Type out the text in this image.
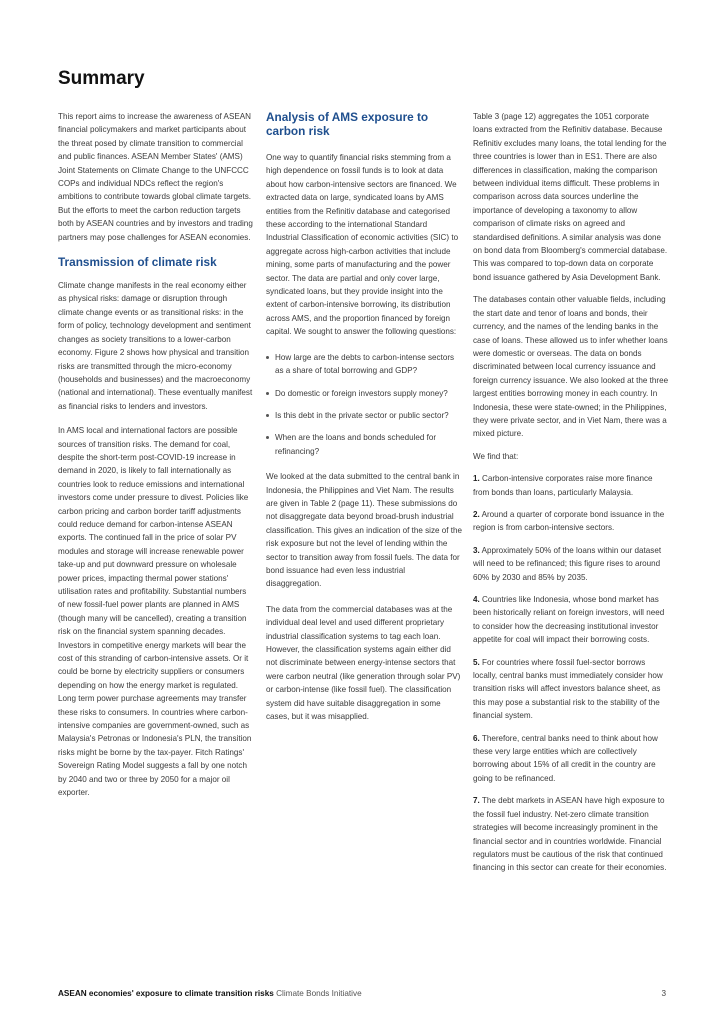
Summary

This report aims to increase the awareness of ASEAN financial policymakers and market participants about the threat posed by climate transition to commercial and public finances. ASEAN Member States' (AMS) Joint Statements on Climate Change to the UNFCCC COPs and individual NDCs reflect the region's ambitions to contribute towards global climate targets. But the efforts to meet the carbon reduction targets both by ASEAN countries and by investors and trading partners may pose challenges for ASEAN economies.

Transmission of climate risk

Climate change manifests in the real economy either as physical risks: damage or disruption through climate change events or as transitional risks: in the form of policy, technology development and sentiment changes as society transitions to a lower-carbon economy. Figure 2 shows how physical and transition risks are transmitted through the micro-economy (households and businesses) and the macroeconomy (national and international). These eventually manifest as financial risks to lenders and investors.

In AMS local and international factors are possible sources of transition risks. The demand for coal, despite the short-term post-COVID-19 increase in demand in 2020, is likely to fall internationally as countries look to reduce emissions and international investors come under pressure to divest. Policies like carbon pricing and carbon border tariff adjustments could reduce demand for carbon-intense ASEAN exports. The continued fall in the price of solar PV modules and storage will increase renewable power take-up and put downward pressure on wholesale power prices, impacting thermal power stations' utilisation rates and profitability. Substantial numbers of new fossil-fuel power plants are planned in AMS (though many will be cancelled), creating a transition risk on the financial system spanning decades. Investors in competitive energy markets will bear the cost of this stranding of carbon-intensive assets. Or it could be borne by electricity suppliers or consumers depending on how the energy market is regulated. Long term power purchase agreements may transfer these risks to consumers. In countries where carbon-intensive companies are government-owned, such as Malaysia's Petronas or Indonesia's PLN, the transition risks might be borne by the tax-payer. Fitch Ratings' Sovereign Rating Model suggests a fall by one notch by 2040 and two or three by 2050 for a major oil exporter.

Analysis of AMS exposure to carbon risk

One way to quantify financial risks stemming from a high dependence on fossil funds is to look at data about how carbon-intensive sectors are financed. We extracted data on large, syndicated loans by AMS entities from the Refinitiv database and categorised these according to the international Standard Industrial Classification of economic activities (SIC) to aggregate across high-carbon activities that include mining, some parts of manufacturing and the power sector. The data are partial and only cover large, syndicated loans, but they provide insight into the extent of carbon-intensive borrowing, its distribution across AMS, and the proportion financed by foreign capital. We sought to answer the following questions:

How large are the debts to carbon-intense sectors as a share of total borrowing and GDP?
Do domestic or foreign investors supply money?
Is this debt in the private sector or public sector?
When are the loans and bonds scheduled for refinancing?

We looked at the data submitted to the central bank in Indonesia, the Philippines and Viet Nam. The results are given in Table 2 (page 11). These submissions do not disaggregate data beyond broad-brush industrial classification. This gives an indication of the size of the risk exposure but not the level of lending within the sector to transition away from fossil fuels. The data for bond issuance had even less industrial disaggregation.

The data from the commercial databases was at the individual deal level and used different proprietary industrial classification systems to tag each loan. However, the classification systems again either did not discriminate between energy-intense sectors that were carbon neutral (like generation through solar PV) or carbon-intense (like fossil fuel). The classification system did have suitable disaggregation in some cases, but it was misapplied.

Table 3 (page 12) aggregates the 1051 corporate loans extracted from the Refinitiv database. Because Refinitiv excludes many loans, the total lending for the three countries is lower than in ES1. There are also differences in classification, making the comparison between individual items difficult. These problems in comparison across data sources underline the importance of developing a taxonomy to allow comparison of climate risks on agreed and standardised definitions. A similar analysis was done on bond data from Bloomberg's commercial database. This was compared to top-down data on corporate bond issuance gathered by Asia Development Bank.

The databases contain other valuable fields, including the start date and tenor of loans and bonds, their currency, and the names of the lending banks in the case of loans. These allowed us to infer whether loans were domestic or overseas. The data on bonds discriminated between local currency issuance and foreign currency issuance. We also looked at the three largest entities borrowing money in each country. In Indonesia, these were state-owned; in the Philippines, they were private sector, and in Viet Nam, there was a mixed picture.

We find that:

1. Carbon-intensive corporates raise more finance from bonds than loans, particularly Malaysia.

2. Around a quarter of corporate bond issuance in the region is from carbon-intensive sectors.

3. Approximately 50% of the loans within our dataset will need to be refinanced; this figure rises to around 60% by 2030 and 85% by 2035.

4. Countries like Indonesia, whose bond market has been historically reliant on foreign investors, will need to consider how the decreasing institutional investor appetite for coal will impact their borrowing costs.

5. For countries where fossil fuel-sector borrows locally, central banks must immediately consider how transition risks will affect investors balance sheet, as this may pose a substantial risk to the stability of the financial system.

6. Therefore, central banks need to think about how these very large entities which are collectively borrowing about 15% of all credit in the country are going to be refinanced.

7. The debt markets in ASEAN have high exposure to the fossil fuel industry. Net-zero climate transition strategies will become increasingly prominent in the financial sector and in countries worldwide. Financial regulators must be cautious of the risk that continued financing in this sector can create for their economies.

ASEAN economies' exposure to climate transition risks Climate Bonds Initiative	3
